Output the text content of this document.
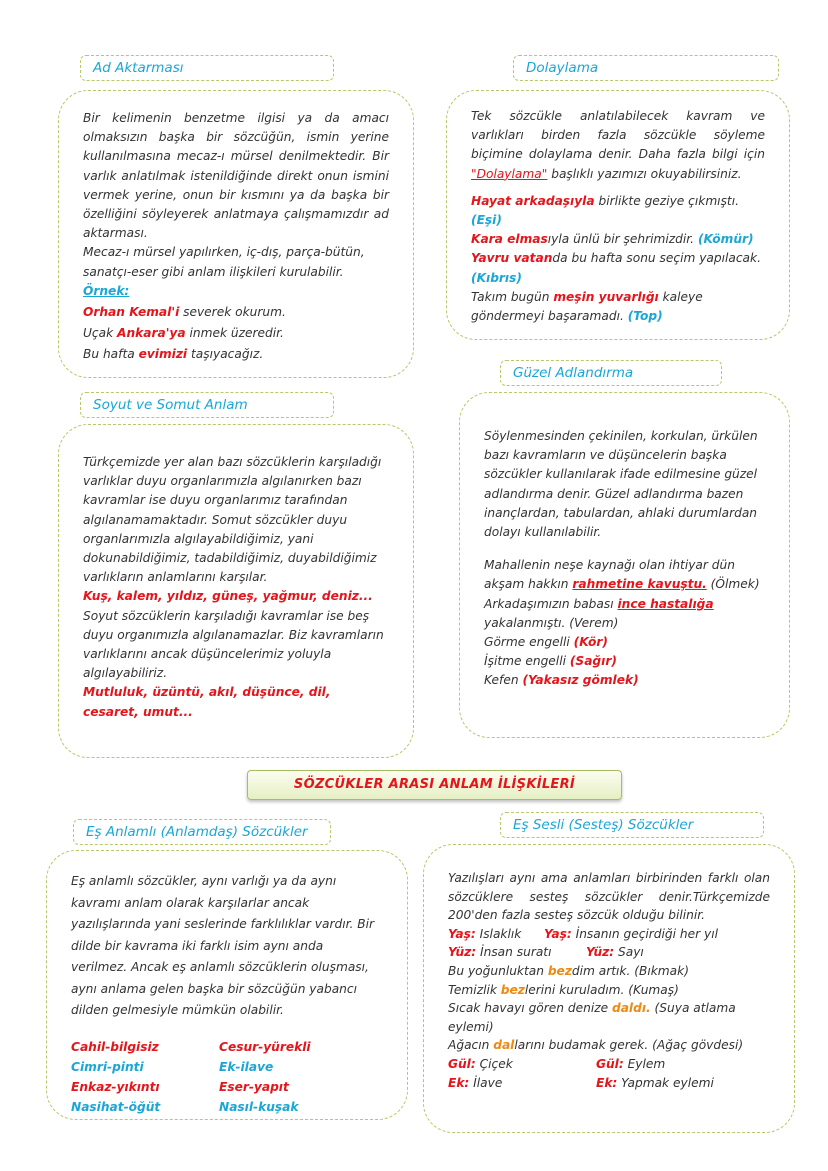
Ad Aktarması

Bir kelimenin benzetme ilgisi ya da amacı olmaksızın başka bir sözcüğün, ismin yerine kullanılmasına mecaz-ı mürsel denilmektedir. Bir varlık anlatılmak istenildiğinde direkt onun ismini vermek yerine, onun bir kısmını ya da başka bir özelliğini söyleyerek anlatmaya çalışmamızdır ad aktarması.

Mecaz-ı mürsel yapılırken, iç-dış, parça-bütün, sanatçı-eser gibi anlam ilişkileri kurulabilir.

Örnek:

Orhan Kemal'i severek okurum.

Uçak Ankara'ya inmek üzeredir.

Bu hafta evimizi taşıyacağız.

Dolaylama

Tek sözcükle anlatılabilecek kavram ve varlıkları birden fazla sözcükle söyleme biçimine dolaylama denir. Daha fazla bilgi için "Dolaylama" başlıklı yazımızı okuyabilirsiniz.

Hayat arkadaşıyla birlikte geziye çıkmıştı. (Eşi)

Kara elmasıyla ünlü bir şehrimizdir. (Kömür)

Yavru vatanda bu hafta sonu seçim yapılacak. (Kıbrıs)

Takım bugün meşin yuvarlığı kaleye göndermeyi başaramadı. (Top)

Soyut ve Somut Anlam

Türkçemizde yer alan bazı sözcüklerin karşıladığı varlıklar duyu organlarımızla algılanırken bazı kavramlar ise duyu organlarımız tarafından algılanamamaktadır. Somut sözcükler duyu organlarımızla algılayabildiğimiz, yani dokunabildiğimiz, tadabildiğimiz, duyabildiğimiz varlıkların anlamlarını karşılar.

Kuş, kalem, yıldız, güneş, yağmur, deniz...

Soyut sözcüklerin karşıladığı kavramlar ise beş duyu organımızla algılanamazlar. Biz kavramların varlıklarını ancak düşüncelerimiz yoluyla algılayabiliriz.

Mutluluk, üzüntü, akıl, düşünce, dil, cesaret, umut...

Güzel Adlandırma

Söylenmesinden çekinilen, korkulan, ürkülen bazı kavramların ve düşüncelerin başka sözcükler kullanılarak ifade edilmesine güzel adlandırma denir. Güzel adlandırma bazen inançlardan, tabulardan, ahlaki durumlardan dolayı kullanılabilir.

Mahallenin neşe kaynağı olan ihtiyar dün akşam hakkın rahmetine kavuştu. (Ölmek)

Arkadaşımızın babası ince hastalığa yakalanmıştı. (Verem)

Görme engelli (Kör)

İşitme engelli (Sağır)

Kefen (Yakasız gömlek)

SÖZCÜKLER ARASI ANLAM İLİŞKİLERİ
Eş Anlamlı (Anlamdaş) Sözcükler

Eş anlamlı sözcükler, aynı varlığı ya da aynı kavramı anlam olarak karşılarlar ancak yazılışlarında yani seslerinde farklılıklar vardır. Bir dilde bir kavrama iki farklı isim aynı anda verilmez. Ancak eş anlamlı sözcüklerin oluşması, aynı anlama gelen başka bir sözcüğün yabancı dilden gelmesiyle mümkün olabilir.

Cahil-bilgisiz	Cesur-yürekli
Cimri-pinti	Ek-ilave
Enkaz-yıkıntı	Eser-yapıt
Nasihat-öğüt	Nasıl-kuşak
Eş Sesli (Sesteş) Sözcükler

Yazılışları aynı ama anlamları birbirinden farklı olan sözcüklere sesteş sözcükler denir.Türkçemizde 200'den fazla sesteş sözcük olduğu bilinir.

Yaş: Islaklık	Yaş: İnsanın geçirdiği her yıl
Yüz: İnsan suratı	Yüz: Sayı

Bu yoğunluktan bezdim artık. (Bıkmak)

Temizlik bezlerini kuruladım. (Kumaş)

Sıcak havayı gören denize daldı. (Suya atlama eylemi)

Ağacın dallarını budamak gerek. (Ağaç gövdesi)

Gül: Çiçek	Gül: Eylem
Ek: İlave	Ek: Yapmak eylemi
